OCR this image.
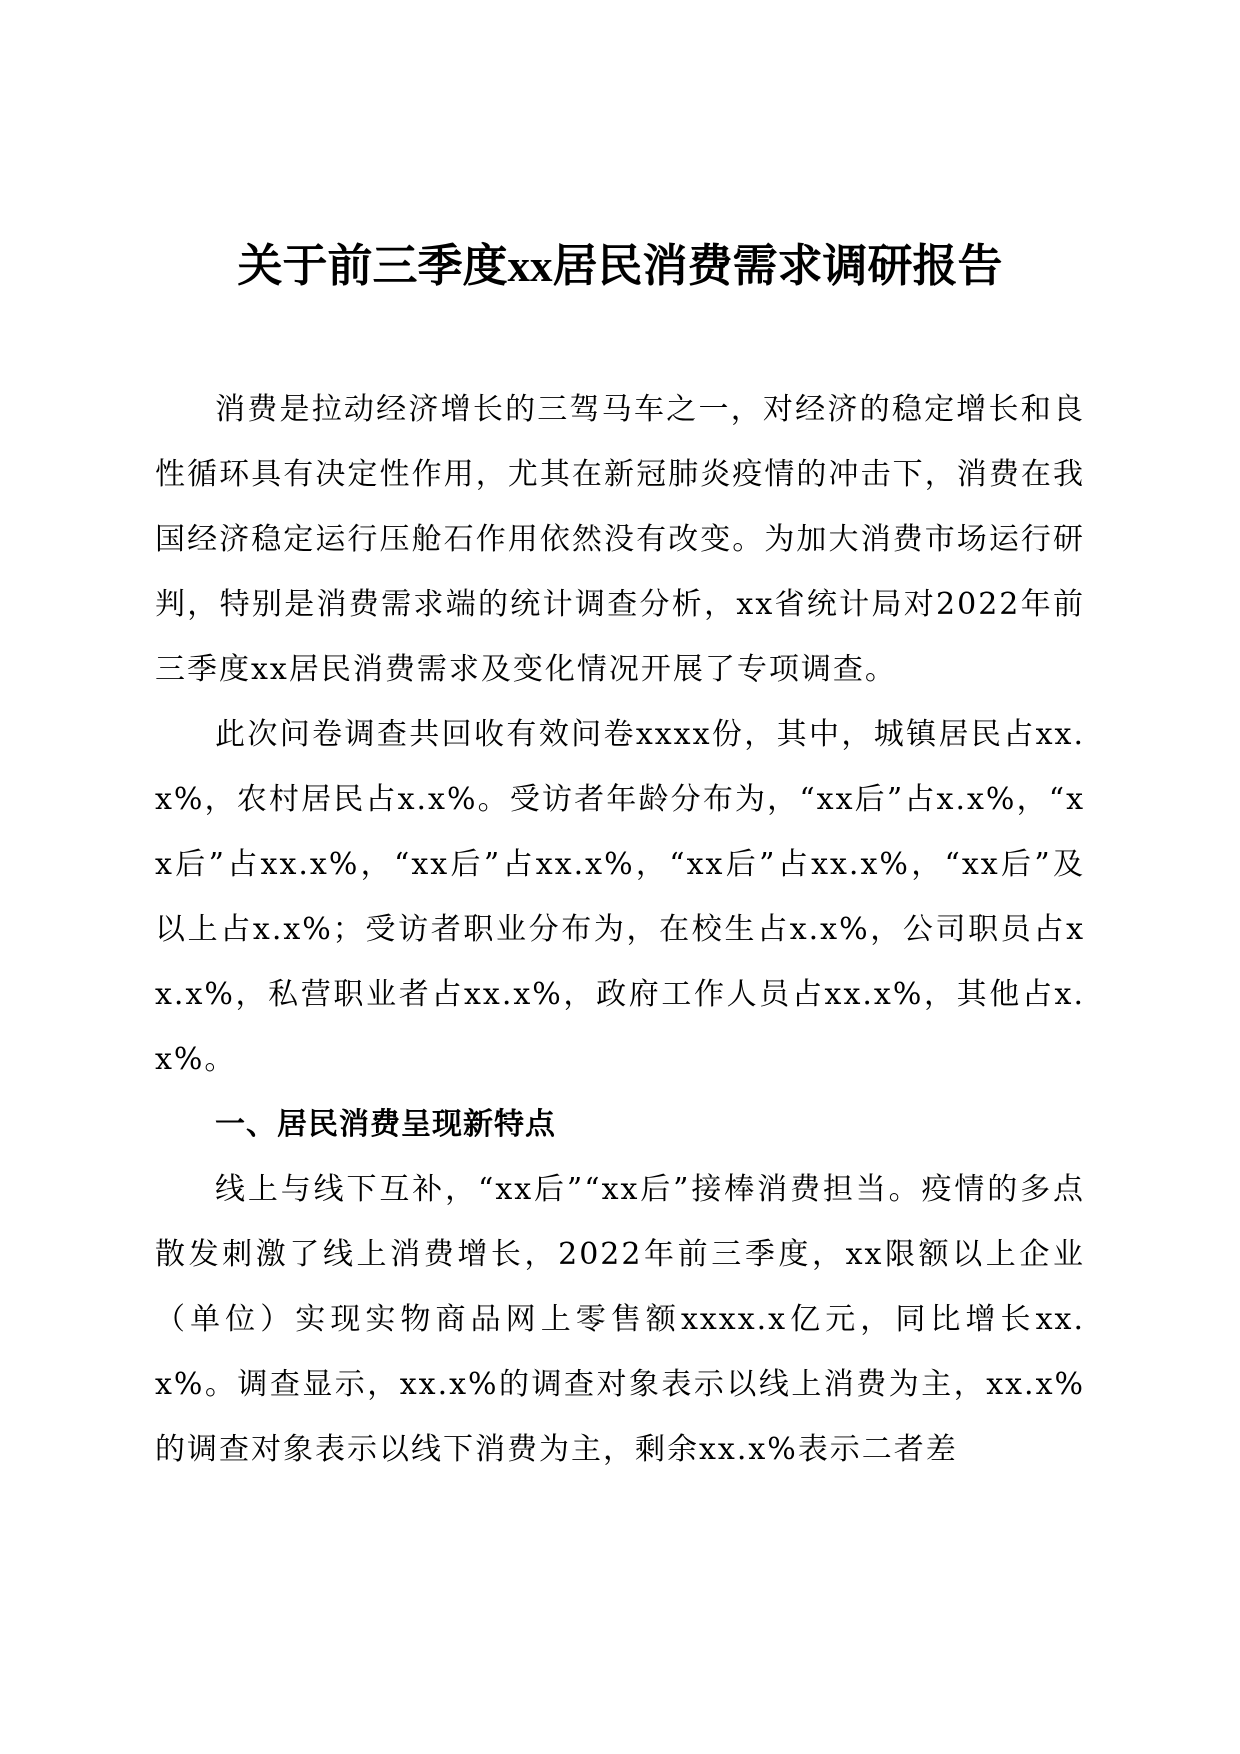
关于前三季度xx居民消费需求调研报告

消费是拉动经济增长的三驾马车之一，对经济的稳定增长和良性循环具有决定性作用，尤其在新冠肺炎疫情的冲击下，消费在我国经济稳定运行压舱石作用依然没有改变。为加大消费市场运行研判，特别是消费需求端的统计调查分析，xx省统计局对2022年前三季度xx居民消费需求及变化情况开展了专项调查。

此次问卷调查共回收有效问卷xxxx份，其中，城镇居民占xx.x%，农村居民占x.x%。受访者年龄分布为，“xx后”占x.x%，“xx后”占xx.x%，“xx后”占xx.x%，“xx后”占xx.x%，“xx后”及以上占x.x%；受访者职业分布为，在校生占x.x%，公司职员占xx.x%，私营职业者占xx.x%，政府工作人员占xx.x%，其他占x.x%。

一、居民消费呈现新特点

线上与线下互补，“xx后”“xx后”接棒消费担当。疫情的多点散发刺激了线上消费增长，2022年前三季度，xx限额以上企业（单位）实现实物商品网上零售额xxxx.x亿元，同比增长xx.x%。调查显示，xx.x%的调查对象表示以线上消费为主，xx.x%的调查对象表示以线下消费为主，剩余xx.x%表示二者差
